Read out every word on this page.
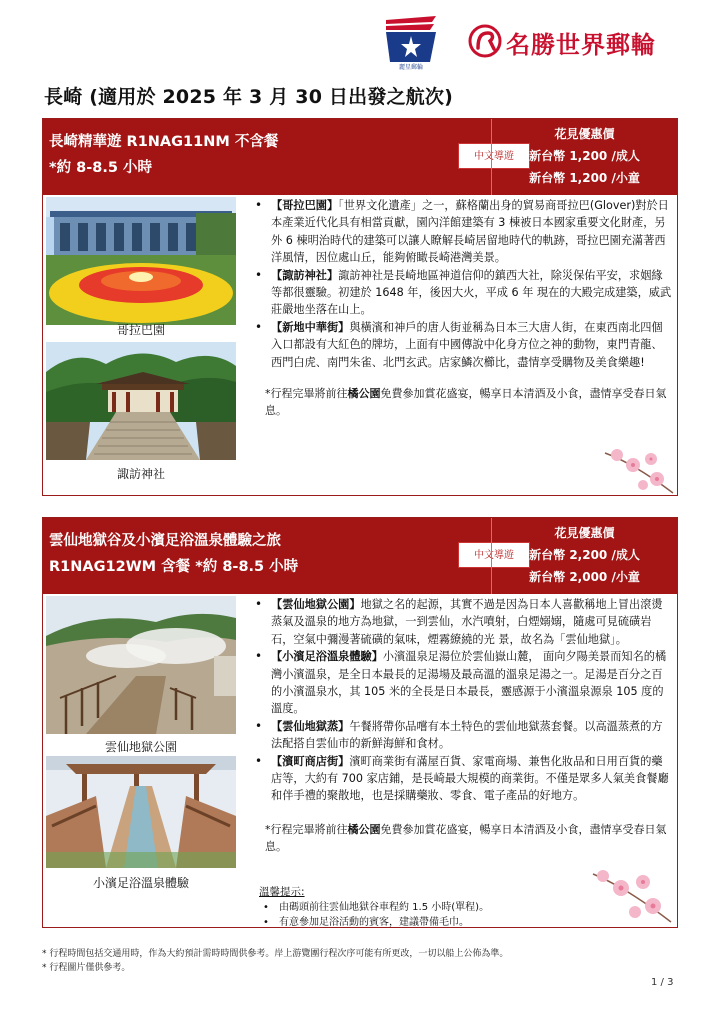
麗星郵輪
名勝世界郵輪
長崎 (適用於 2025 年 3 月 30 日出發之航次)
長崎精華遊 R1NAG11NM 不含餐
*約 8-8.5 小時
中文導遊
花見優惠價
新台幣 1,200 /成人
新台幣 1,200 /小童
哥拉巴園
諏訪神社
• 【哥拉巴園】「世界文化遺產」之一，蘇格蘭出身的貿易商哥拉巴(Glover)對於日本產業近代化具有相當貢獻，園內洋館建築有 3 棟被日本國家重要文化財產，另外 6 棟明治時代的建築可以讓人瞭解長崎居留地時代的軌跡，哥拉巴園充滿著西洋風情，因位處山丘，能夠俯瞰長崎港灣美景。
• 【諏訪神社】諏訪神社是長崎地區神道信仰的鎮西大社，除災保佑平安，求姻緣等都很靈驗。初建於 1648 年，後因大火，平成 6 年 現在的大殿完成建築，威武莊嚴地坐落在山上。
• 【新地中華街】與橫濱和神戶的唐人街並稱為日本三大唐人街，在東西南北四個入口都設有大紅色的牌坊，上面有中國傳說中化身方位之神的動物，東門青龍、西門白虎、南門朱雀、北門玄武。店家鱗次櫛比，盡情享受購物及美食樂趣!
*行程完畢將前往橘公園免費參加賞花盛宴，暢享日本清酒及小食，盡情享受春日氣息。
雲仙地獄谷及小濱足浴溫泉體驗之旅
R1NAG12WM 含餐 *約 8-8.5 小時
中文導遊
花見優惠價
新台幣 2,200 /成人
新台幣 2,000 /小童
雲仙地獄公園
小濱足浴溫泉體驗
• 【雲仙地獄公園】地獄之名的起源，其實不過是因為日本人喜歡稱地上冒出滾燙蒸氣及溫泉的地方為地獄，一到雲仙，水汽噴射，白煙嫋嫋，隨處可見硫磺岩石，空氣中彌漫著硫磺的氣味，煙霧繚繞的光 景，故名為「雲仙地獄」。
• 【小濱足浴溫泉體驗】小濱溫泉足湯位於雲仙嶽山麓， 面向夕陽美景而知名的橘灣小濱溫泉，是全日本最長的足湯場及最高溫的溫泉足湯之一。足湯是百分之百的小濱溫泉水，其 105 米的全長是日本最長，靈感源于小濱溫泉源泉 105 度的溫度。
• 【雲仙地獄蒸】午餐將帶你品嚐有本土特色的雲仙地獄蒸套餐。以高溫蒸煮的方法配搭自雲仙市的新鮮海鮮和食材。
• 【濱町商店街】濱町商業街有滿屋百貨、家電商場、兼售化妝品和日用百貨的藥店等，大約有 700 家店鋪，是長崎最大規模的商業街。不僅是眾多人氣美食餐廳和伴手禮的聚散地，也是採購藥妝、零食、電子產品的好地方。
*行程完畢將前往橘公園免費參加賞花盛宴，暢享日本清酒及小食，盡情享受春日氣息。
溫馨提示:
• 由碼頭前往雲仙地獄谷車程約 1.5 小時(單程)。
• 有意參加足浴活動的賓客，建議帶備毛巾。
* 行程時間包括交通用時，作為大約預計需時時間供參考。岸上游覽團行程次序可能有所更改，一切以船上公佈為準。
* 行程圖片僅供參考。
1 / 3
